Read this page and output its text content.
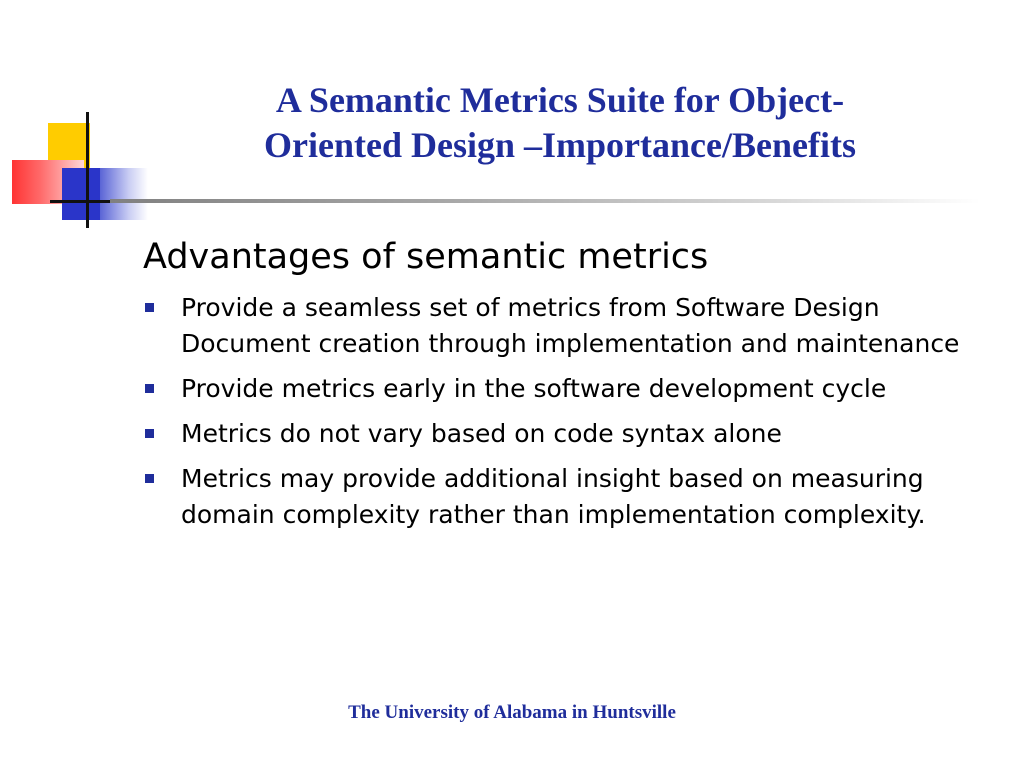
A Semantic Metrics Suite for Object-
Oriented Design –Importance/Benefits
Advantages of semantic metrics
Provide a seamless set of metrics from Software Design Document creation through implementation and maintenance
Provide metrics early in the software development cycle
Metrics do not vary based on code syntax alone
Metrics may provide additional insight based on measuring domain complexity rather than implementation complexity.
The University of Alabama in Huntsville
